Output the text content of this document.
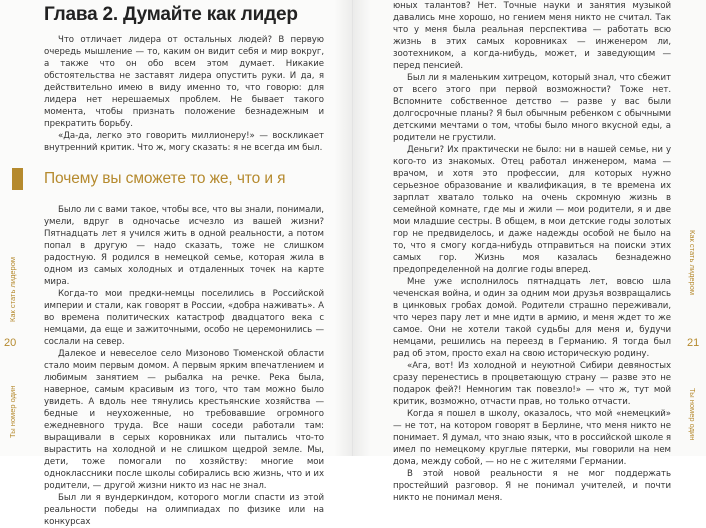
Глава 2. Думайте как лидер

Что отличает лидера от остальных людей? В первую очередь мышление — то, каким он видит себя и мир вокруг, а также что он обо всем этом думает. Никакие обстоятельства не заставят лидера опустить руки. И да, я действительно имею в виду именно то, что говорю: для лидера нет нерешаемых проблем. Не бывает такого момента, чтобы признать положение безнадежным и прекратить борьбу.

«Да-да, легко это говорить миллионеру!» — воскликает внутренний критик. Что ж, могу сказать: я не всегда им был.

Почему вы сможете то же, что и я

Было ли с вами такое, чтобы все, что вы знали, понимали, умели, вдруг в одночасье исчезло из вашей жизни? Пятнадцать лет я учился жить в одной реальности, а потом попал в другую — надо сказать, тоже не слишком радостную. Я родился в немецкой семье, которая жила в одном из самых холодных и отдаленных точек на карте мира.

Когда-то мои предки-немцы поселились в Российской империи и стали, как говорят в России, «добра наживать». А во времена политических катастроф двадцатого века с немцами, да еще и зажиточными, особо не церемонились — сослали на север.

Далекое и невеселое село Мизоново Тюменской области стало моим первым домом. А первым ярким впечатлением и любимым занятием — рыбалка на речке. Река была, наверное, самым красивым из того, что там можно было увидеть. А вдоль нее тянулись крестьянские хозяйства — бедные и неухоженные, но требовавшие огромного ежедневного труда. Все наши соседи работали там: выращивали в серых коровниках или пытались что-то вырастить на холодной и не слишком щедрой земле. Мы, дети, тоже помогали по хозяйству: многие мои одноклассники после школы собирались всю жизнь, что и их родители, — другой жизни никто из нас не знал.

Был ли я вундеркиндом, которого могли спасти из этой реальности победы на олимпиадах по физике или на конкурсах

Как стать лидером
20
Ты номер один

юных талантов? Нет. Точные науки и занятия музыкой давались мне хорошо, но гением меня никто не считал. Так что у меня была реальная перспектива — работать всю жизнь в этих самых коровниках — инженером ли, зоотехником, а когда-нибудь, может, и заведующим — перед пенсией.

Был ли я маленьким хитрецом, который знал, что сбежит от всего этого при первой возможности? Тоже нет. Вспомните собственное детство — разве у вас были долгосрочные планы? Я был обычным ребенком с обычными детскими мечтами о том, чтобы было много вкусной еды, а родители не грустили.

Деньги? Их практически не было: ни в нашей семье, ни у кого-то из знакомых. Отец работал инженером, мама — врачом, и хотя это профессии, для которых нужно серьезное образование и квалификация, в те времена их зарплат хватало только на очень скромную жизнь в семейной комнате, где мы и жили — мои родители, я и две мои младшие сестры. В общем, в мои детские годы золотых гор не предвиделось, и даже надежды особой не было на то, что я смогу когда-нибудь отправиться на поиски этих самых гор. Жизнь моя казалась безнадежно предопределенной на долгие годы вперед.

Мне уже исполнилось пятнадцать лет, вовсю шла чеченская война, и один за одним мои друзья возвращались в цинковых гробах домой. Родители страшно переживали, что через пару лет и мне идти в армию, и меня ждет то же самое. Они не хотели такой судьбы для меня и, будучи немцами, решились на переезд в Германию. Я тогда был рад об этом, просто ехал на свою историческую родину.

«Ага, вот! Из холодной и неуютной Сибири девяностых сразу перенестись в процветающую страну — разве это не подарок фей?! Немногим так повезло!» — что ж, тут мой критик, возможно, отчасти прав, но только отчасти.

Когда я пошел в школу, оказалось, что мой «немецкий» — не тот, на котором говорят в Берлине, что меня никто не понимает. Я думал, что знаю язык, что в российской школе я имел по немецкому круглые пятерки, мы говорили на нем дома, между собой, — но не с жителями Германии.

В этой новой реальности я не мог поддержать простейший разговор. Я не понимал учителей, и почти никто не понимал меня.

Как стать лидером
21
Ты номер один
